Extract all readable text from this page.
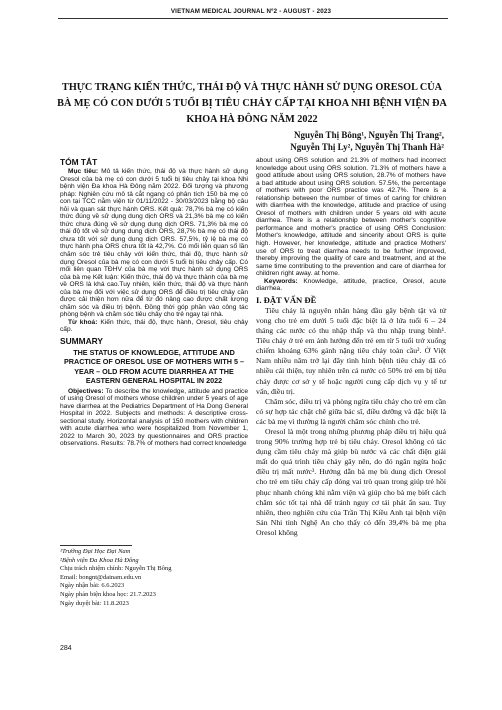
VIETNAM MEDICAL JOURNAL Nº2 - AUGUST - 2023
THỰC TRẠNG KIẾN THỨC, THÁI ĐỘ VÀ THỰC HÀNH SỬ DỤNG ORESOL CỦA BÀ MẸ CÓ CON DƯỚI 5 TUỔI BỊ TIÊU CHẢY CẤP TẠI KHOA NHI BỆNH VIỆN ĐA KHOA HÀ ĐÔNG NĂM 2022
Nguyễn Thị Bông¹, Nguyễn Thị Trang²,
Nguyễn Thị Ly², Nguyễn Thị Thanh Hà²
TÓM TẮT

Mục tiêu: Mô tả kiến thức, thái độ và thực hành sử dụng Oresol của bà mẹ có con dưới 5 tuổi bị tiêu chảy tại khoa Nhi bệnh viện Đa khoa Hà Đông năm 2022. Đối tượng và phương pháp: Nghiên cứu mô tả cắt ngang có phân tích 150 bà mẹ có con tại TCC nằm viện từ 01/11/2022 - 30/03/2023 bằng bộ câu hỏi và quan sát thực hành ORS. Kết quả: 78,7% bà mẹ có kiến thức đúng về sử dụng dung dịch ORS và 21,3% bà mẹ có kiến thức chưa đúng về sử dụng dung dịch ORS. 71,3% bà mẹ có thái độ tốt về sử dụng dung dịch ORS, 28,7% bà mẹ có thái độ chưa tốt với sử dụng dung dịch ORS. 57,5%, tỷ lệ bà mẹ có thực hành pha ORS chưa tốt là 42,7%. Có mối liên quan số lần chăm sóc trẻ tiêu chảy với kiến thức, thái độ, thực hành sử dụng Oresol của bà mẹ có con dưới 5 tuổi bị tiêu chảy cấp. Có mối liên quan TĐHV của bà mẹ với thực hành sử dụng ORS của bà mẹ Kết luận: Kiến thức, thái độ và thực thành của bà mẹ về ORS là khá cao.Tuy nhiên, kiến thức, thái độ và thực hành của bà mẹ đối với việc sử dụng ORS để điều trị tiêu chảy cần được cải thiện hơn nữa để từ đó nâng cao được chất lượng chăm sóc và điều trị bệnh. Đồng thời góp phần vào công tác phòng bệnh và chăm sóc tiêu chảy cho trẻ ngay tại nhà.

Từ khoá: Kiến thức, thái độ, thực hành, Oresol, tiêu chảy cấp.

SUMMARY
THE STATUS OF KNOWLEDGE, ATTITUDE AND PRACTICE OF ORESOL USE OF MOTHERS WITH 5 – YEAR – OLD FROM ACUTE DIARRHEA AT THE EASTERN GENERAL HOSPITAL IN 2022

Objectives: To describe the knowledge, attitude and practice of using Oresol of mothers whose children under 5 years of age have diarrhea at the Pediatrics Department of Ha Dong General Hospital in 2022. Subjects and methods: A descriptive cross-sectional study. Horizontal analysis of 150 mothers with children with acute diarrhea who were hospitalized from November 1, 2022 to March 30, 2023 by questionnaires and ORS practice observations. Results: 78.7% of mothers had correct knowledge

about using ORS solution and 21.3% of mothers had incorrect knowledge about using ORS solution. 71.3% of mothers have a good attitude about using ORS solution, 28.7% of mothers have a bad attitude about using ORS solution. 57.5%, the percentage of mothers with poor ORS practice was 42.7%. There is a relationship between the number of times of caring for children with diarrhea with the knowledge, attitude and practice of using Oresol of mothers with children under 5 years old with acute diarrhea. There is a relationship between mother's cognitive performance and mother's practice of using ORS Conclusion: Mother's knowledge, attitude and sincerity about ORS is quite high. However, her knowledge, attitude and practice Mothers' use of ORS to treat diarrhea needs to be further improved, thereby improving the quality of care and treatment, and at the same time contributing to the prevention and care of diarrhea for children right away. at home.

Keywords: Knowledge, attitude, practice, Oresol, acute diarrhea.

I. ĐẶT VẤN ĐỀ

Tiêu chảy là nguyên nhân hàng đầu gây bệnh tật và tử vong cho trẻ em dưới 5 tuổi đặc biệt là ở lứa tuổi 6 – 24 tháng các nước có thu nhập thấp và thu nhập trung bình¹. Tiêu chảy ở trẻ em ảnh hưởng đến trẻ em từ 5 tuổi trở xuống chiếm khoảng 63% gánh nặng tiêu chảy toàn cầu². Ở Việt Nam nhiều năm trở lại đây tình hình bệnh tiêu chảy đã có nhiều cải thiện, tuy nhiên trên cả nước có 50% trẻ em bị tiêu chảy được cơ sở y tế hoặc người cung cấp dịch vụ y tế tư vấn, điều trị.

Chăm sóc, điều trị và phòng ngừa tiêu chảy cho trẻ em cần có sự hợp tác chặt chẽ giữa bác sĩ, điều dưỡng và đặc biệt là các bà mẹ vì thường là người chăm sóc chính cho trẻ.

Oresol là một trong những phương pháp điều trị hiệu quả trong 90% trường hợp trẻ bị tiêu chảy. Oresol không có tác dụng cầm tiêu chảy mà giúp bù nước và các chất điện giải mất do quá trình tiêu chảy gây nên, do đó ngăn ngừa hoặc điều trị mất nước³. Hướng dẫn bà mẹ bù dung dịch Oresol cho trẻ em tiêu chảy cấp đóng vai trò quan trong giúp trẻ hồi phục nhanh chóng khi nằm viện và giúp cho bà mẹ biết cách chăm sóc tốt tại nhà để tránh nguy cơ tái phát ẩn sau. Tuy nhiên, theo nghiên cứu của Trần Thị Kiều Anh tại bệnh viện Sản Nhi tỉnh Nghệ An cho thấy có đến 39,4% bà mẹ pha Oresol không

¹Trường Đại Học Đại Nam
²Bệnh viện Đa Khoa Hà Đông
Chịu trách nhiệm chính: Nguyễn Thị Bông
Email: bongnt@dainam.edu.vn
Ngày nhận bài: 6.6.2023
Ngày phản biện khoa học: 21.7.2023
Ngày duyệt bài: 11.8.2023
284
